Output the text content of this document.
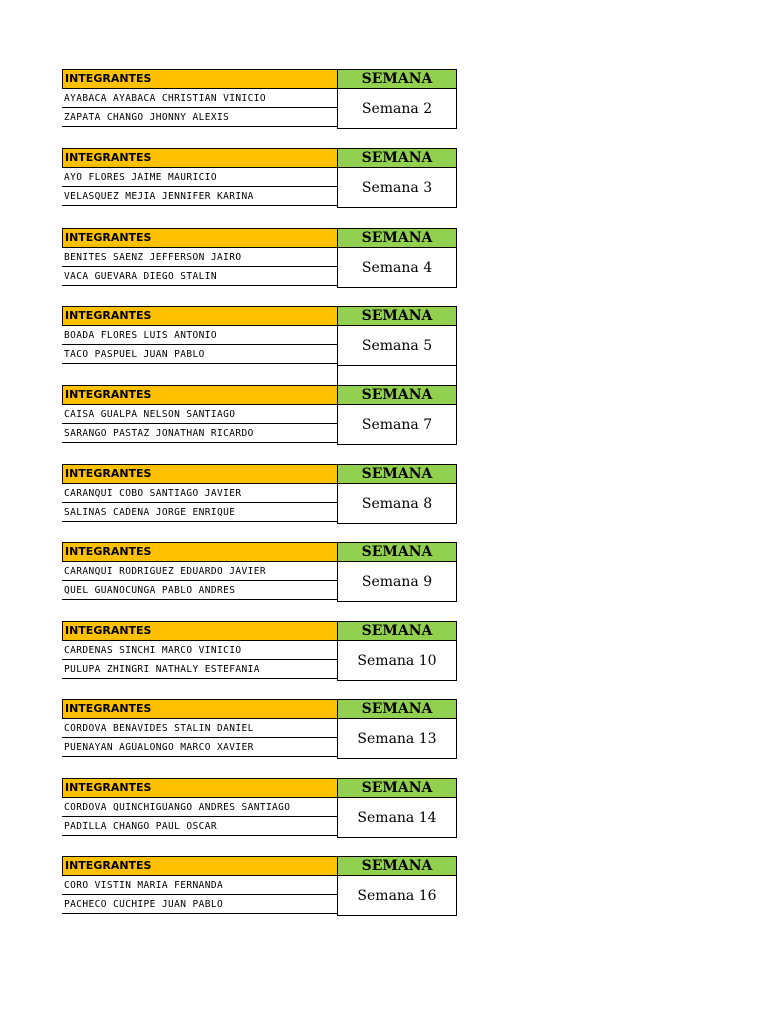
INTEGRANTES	SEMANA
AYABACA AYABACA CHRISTIAN VINICIO
ZAPATA CHANGO JHONNY ALEXIS
Semana 2
INTEGRANTES	SEMANA
AYO FLORES JAIME MAURICIO
VELASQUEZ MEJIA JENNIFER KARINA
Semana 3
INTEGRANTES	SEMANA
BENITES SAENZ JEFFERSON JAIRO
VACA GUEVARA DIEGO STALIN
Semana 4
INTEGRANTES	SEMANA
BOADA FLORES LUIS ANTONIO
TACO PASPUEL JUAN PABLO
Semana 5
INTEGRANTES	SEMANA
CAISA GUALPA NELSON SANTIAGO
SARANGO PASTAZ JONATHAN RICARDO
Semana 7
INTEGRANTES	SEMANA
CARANQUI COBO SANTIAGO JAVIER
SALINAS CADENA JORGE ENRIQUE
Semana 8
INTEGRANTES	SEMANA
CARANQUI RODRIGUEZ EDUARDO JAVIER
QUEL GUANOCUNGA PABLO ANDRES
Semana 9
INTEGRANTES	SEMANA
CARDENAS SINCHI MARCO VINICIO
PULUPA ZHINGRI NATHALY ESTEFANIA
Semana 10
INTEGRANTES	SEMANA
CORDOVA BENAVIDES STALIN DANIEL
PUENAYAN AGUALONGO MARCO XAVIER
Semana 13
INTEGRANTES	SEMANA
CORDOVA QUINCHIGUANGO ANDRES SANTIAGO
PADILLA CHANGO PAUL OSCAR
Semana 14
INTEGRANTES	SEMANA
CORO VISTIN MARIA FERNANDA
PACHECO CUCHIPE JUAN PABLO
Semana 16
